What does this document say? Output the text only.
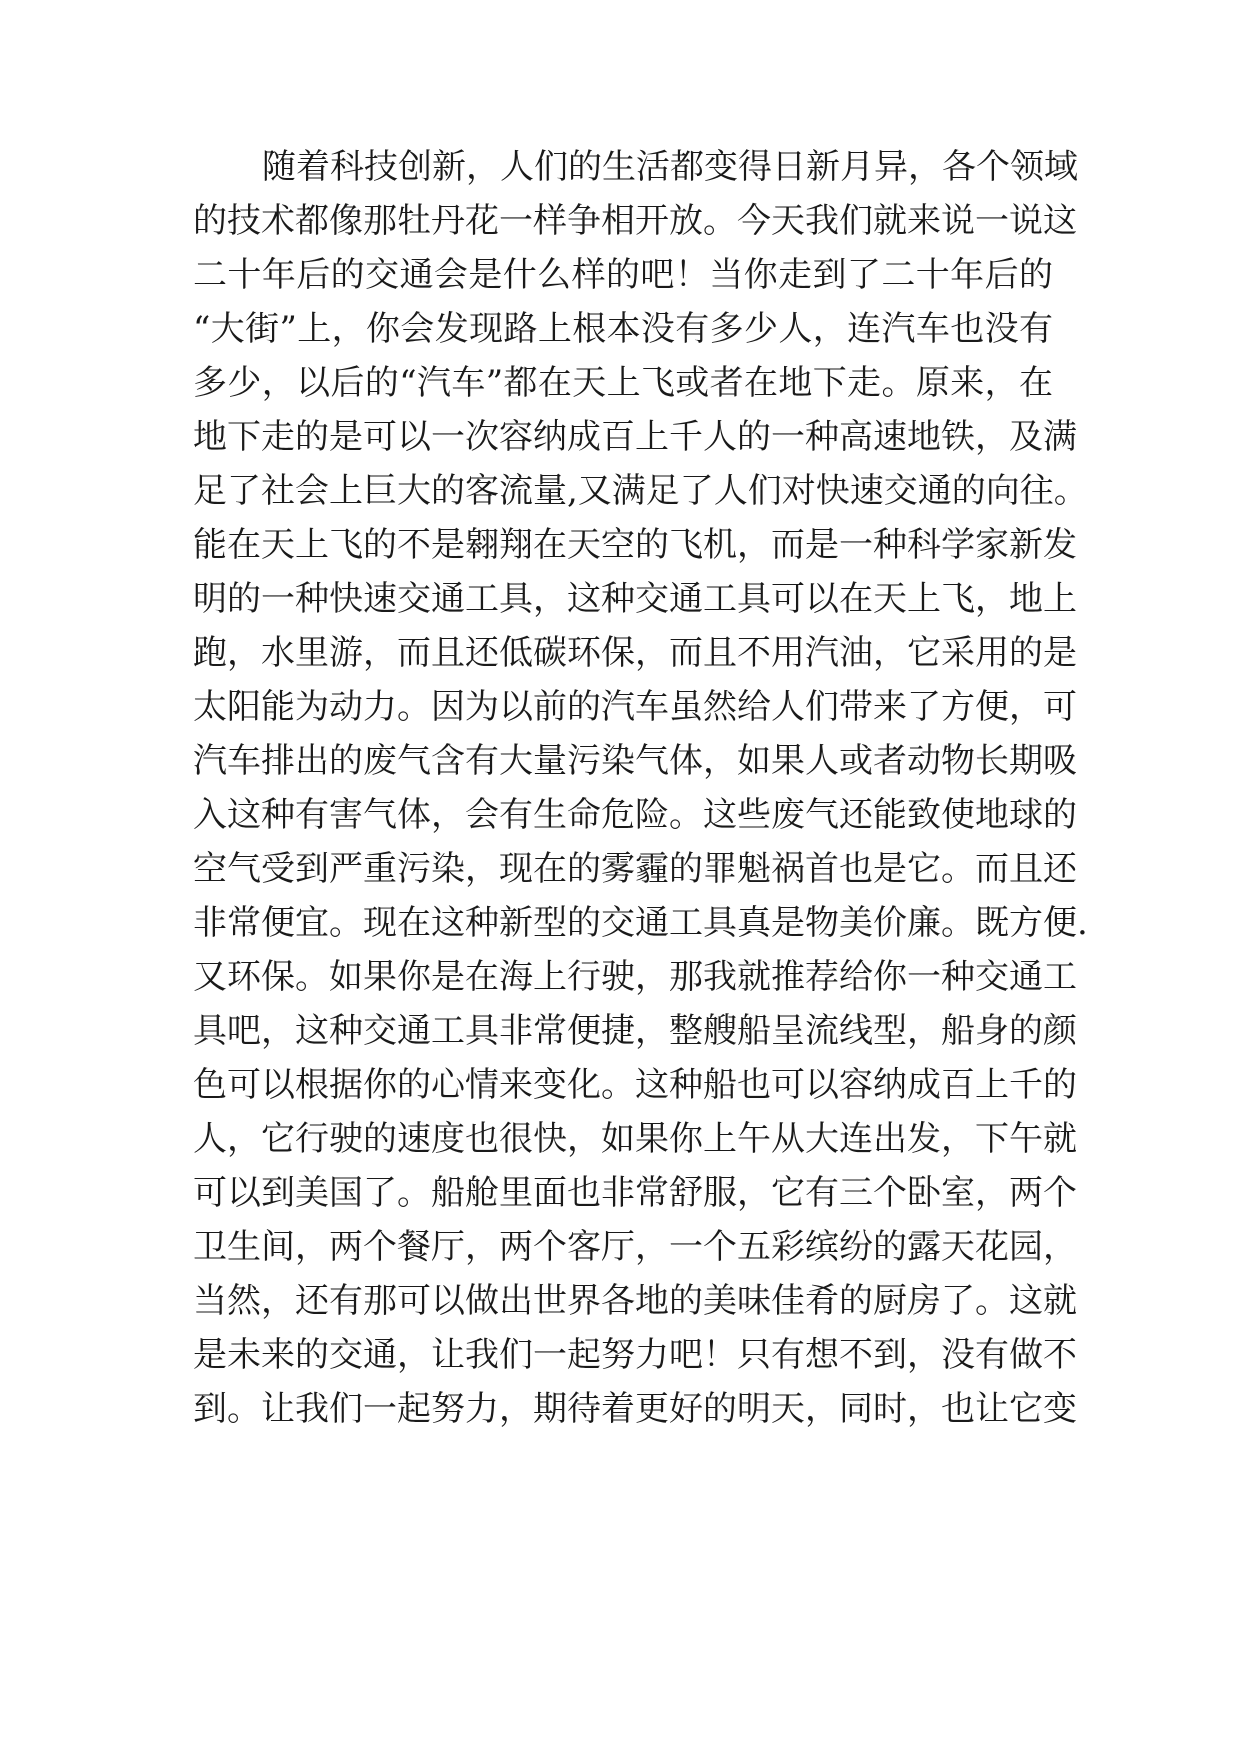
随着科技创新，人们的生活都变得日新月异，各个领域
的技术都像那牡丹花一样争相开放。今天我们就来说一说这
二十年后的交通会是什么样的吧！当你走到了二十年后的
“大街”上，你会发现路上根本没有多少人，连汽车也没有
多少，以后的“汽车”都在天上飞或者在地下走。原来，在
地下走的是可以一次容纳成百上千人的一种高速地铁，及满
足了社会上巨大的客流量,又满足了人们对快速交通的向往。
能在天上飞的不是翱翔在天空的飞机，而是一种科学家新发
明的一种快速交通工具，这种交通工具可以在天上飞，地上
跑，水里游，而且还低碳环保，而且不用汽油，它采用的是
太阳能为动力。因为以前的汽车虽然给人们带来了方便，可
汽车排出的废气含有大量污染气体，如果人或者动物长期吸
入这种有害气体，会有生命危险。这些废气还能致使地球的
空气受到严重污染，现在的雾霾的罪魁祸首也是它。而且还
非常便宜。现在这种新型的交通工具真是物美价廉。既方便.
又环保。如果你是在海上行驶，那我就推荐给你一种交通工
具吧，这种交通工具非常便捷，整艘船呈流线型，船身的颜
色可以根据你的心情来变化。这种船也可以容纳成百上千的
人，它行驶的速度也很快，如果你上午从大连出发，下午就
可以到美国了。船舱里面也非常舒服，它有三个卧室，两个
卫生间，两个餐厅，两个客厅，一个五彩缤纷的露天花园，
当然，还有那可以做出世界各地的美味佳肴的厨房了。这就
是未来的交通，让我们一起努力吧！只有想不到，没有做不
到。让我们一起努力，期待着更好的明天，同时，也让它变
